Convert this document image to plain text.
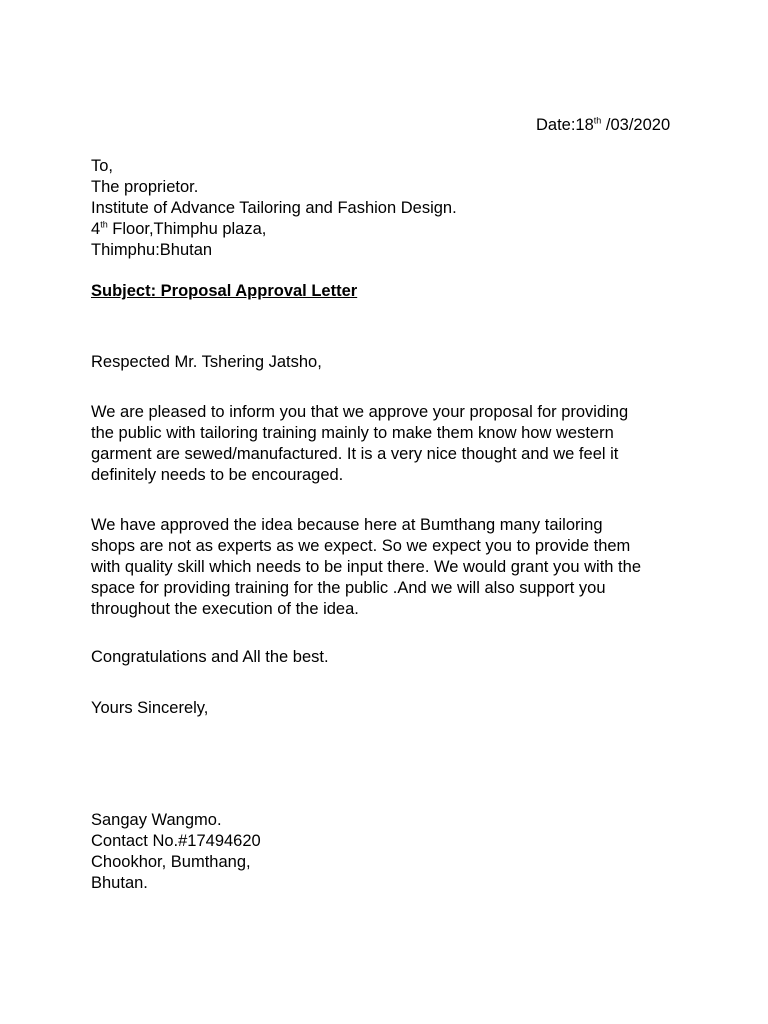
Date:18th /03/2020
To,
The proprietor.
Institute of Advance Tailoring and Fashion Design.
4th Floor,Thimphu plaza,
Thimphu:Bhutan
Subject: Proposal Approval Letter
Respected Mr. Tshering Jatsho,
We are pleased to inform you that we approve your proposal for providing
the public with tailoring training mainly to make them know how western
garment are sewed/manufactured. It is a very nice thought and we feel it
definitely needs to be encouraged.
We have approved the idea because here at Bumthang many tailoring
shops are not as experts as we expect. So we expect you to provide them
with quality skill which needs to be input there. We would grant you with the
space for providing training for the public .And we will also support you
throughout the execution of the idea.
Congratulations and All the best.
Yours Sincerely,
Sangay Wangmo.
Contact No.#17494620
Chookhor, Bumthang,
Bhutan.
